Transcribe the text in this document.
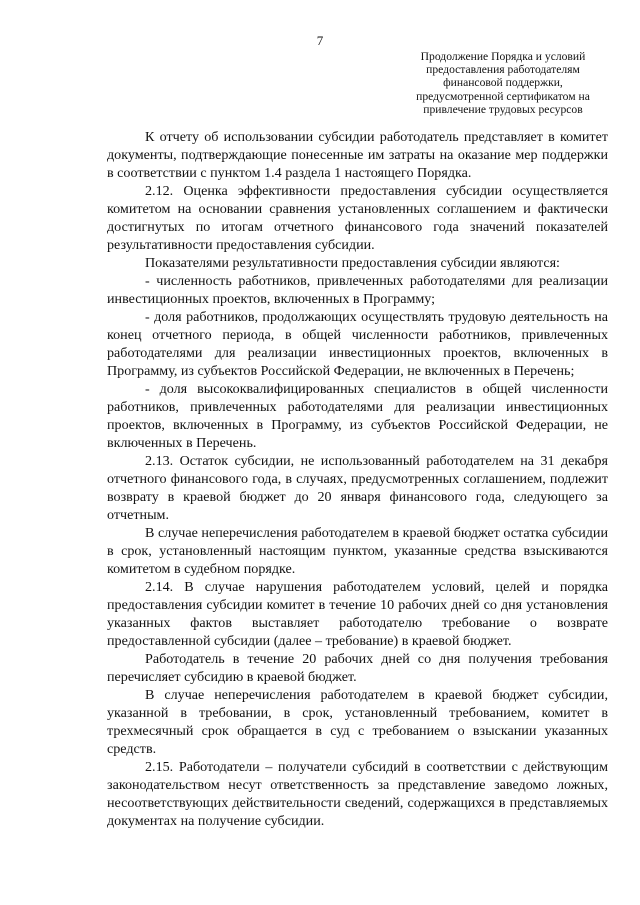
7
Продолжение Порядка и условий
предоставления работодателям
финансовой поддержки,
предусмотренной сертификатом на
привлечение трудовых ресурсов

К отчету об использовании субсидии работодатель представляет в комитет документы, подтверждающие понесенные им затраты на оказание мер поддержки в соответствии с пунктом 1.4 раздела 1 настоящего Порядка.

2.12. Оценка эффективности предоставления субсидии осуществляется комитетом на основании сравнения установленных соглашением и фактически достигнутых по итогам отчетного финансового года значений показателей результативности предоставления субсидии.

Показателями результативности предоставления субсидии являются:

- численность работников, привлеченных работодателями для реализации инвестиционных проектов, включенных в Программу;

- доля работников, продолжающих осуществлять трудовую деятельность на конец отчетного периода, в общей численности работников, привлеченных работодателями для реализации инвестиционных проектов, включенных в Программу, из субъектов Российской Федерации, не включенных в Перечень;

- доля высококвалифицированных специалистов в общей численности работников, привлеченных работодателями для реализации инвестиционных проектов, включенных в Программу, из субъектов Российской Федерации, не включенных в Перечень.

2.13. Остаток субсидии, не использованный работодателем на 31 декабря отчетного финансового года, в случаях, предусмотренных соглашением, подлежит возврату в краевой бюджет до 20 января финансового года, следующего за отчетным.

В случае неперечисления работодателем в краевой бюджет остатка субсидии в срок, установленный настоящим пунктом, указанные средства взыскиваются комитетом в судебном порядке.

2.14. В случае нарушения работодателем условий, целей и порядка предоставления субсидии комитет в течение 10 рабочих дней со дня установления указанных фактов выставляет работодателю требование о возврате предоставленной субсидии (далее – требование) в краевой бюджет.

Работодатель в течение 20 рабочих дней со дня получения требования перечисляет субсидию в краевой бюджет.

В случае неперечисления работодателем в краевой бюджет субсидии, указанной в требовании, в срок, установленный требованием, комитет в трехмесячный срок обращается в суд с требованием о взыскании указанных средств.

2.15. Работодатели – получатели субсидий в соответствии с действующим законодательством несут ответственность за представление заведомо ложных, несоответствующих действительности сведений, содержащихся в представляемых документах на получение субсидии.
